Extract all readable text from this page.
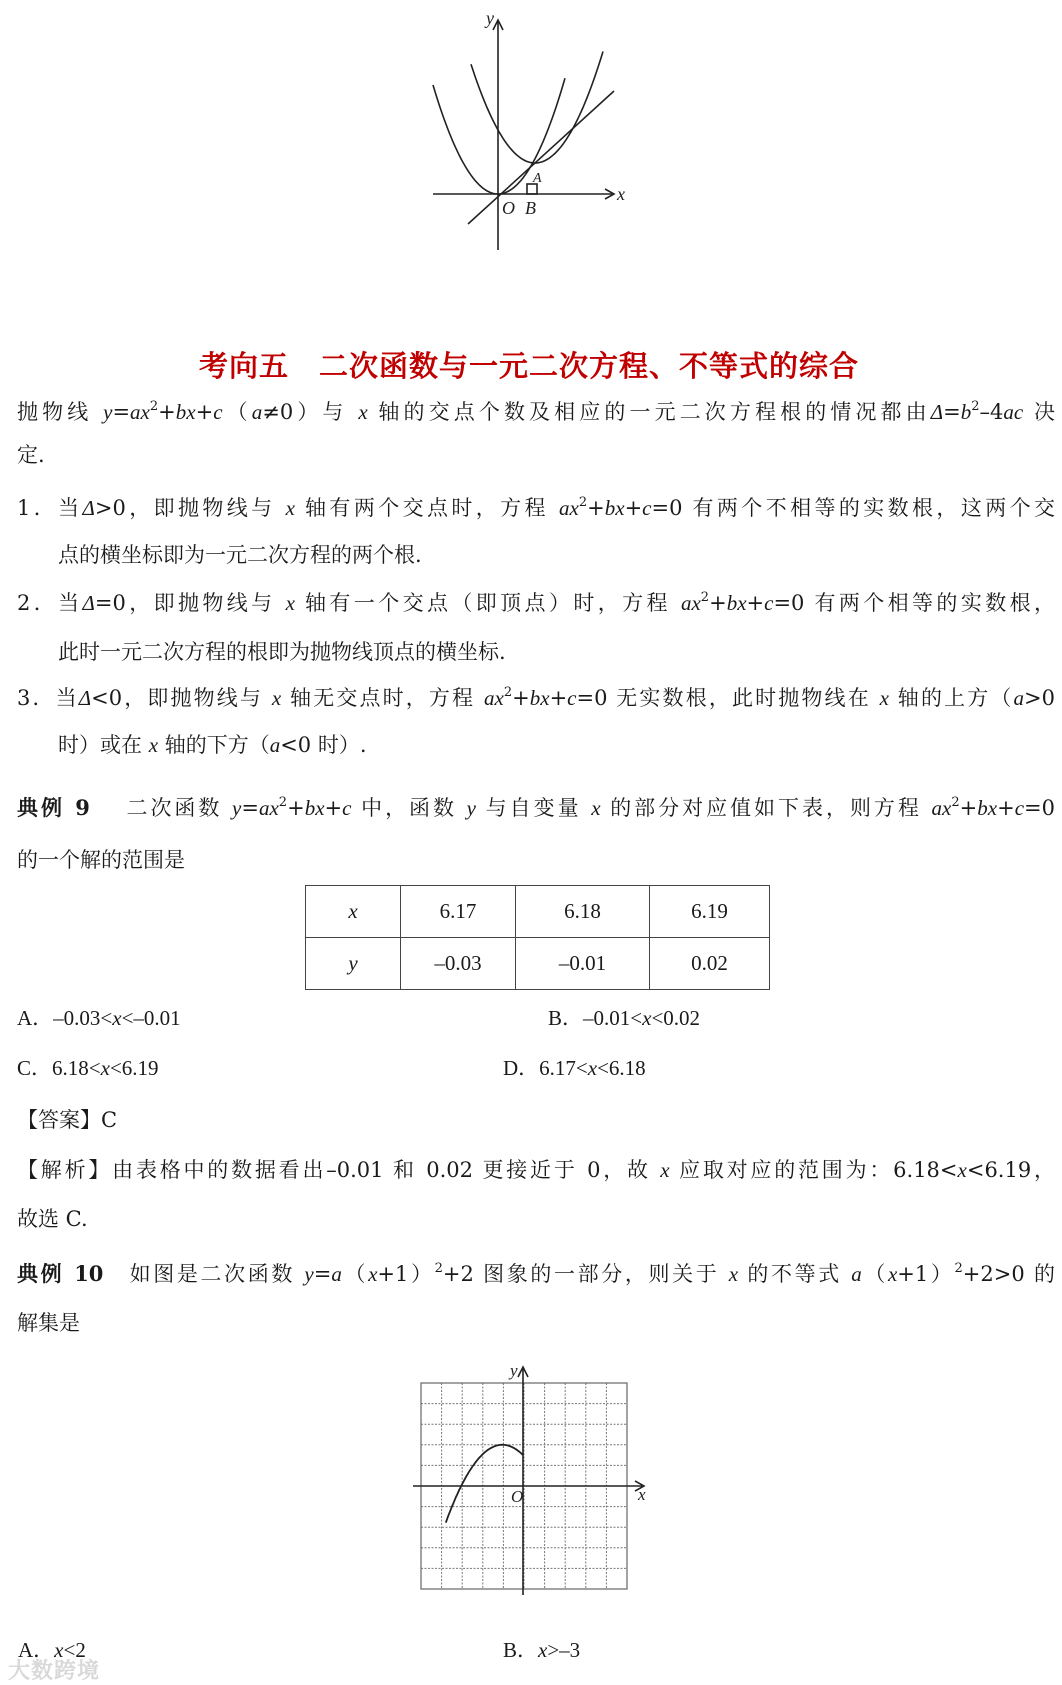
y
x
O B
A
考向五　二次函数与一元二次方程、不等式的综合
抛物线 $y=ax^2+bx+c(a\ne 0)$与 x 轴的交点个数及相应的一元二次方程根的情况都由$\Delta=b^2-4ac$ 决
定.
1．当Δ>0，即抛物线与 x 轴有两个交点时，方程 $ax^2+bx+c=0$ 有两个不相等的实数根，这两个交
点的横坐标即为一元二次方程的两个根.
2．当Δ=0，即抛物线与 x 轴有一个交点（即顶点）时，方程 $ax^2+bx+c=0$ 有两个相等的实数根，
此时一元二次方程的根即为抛物线顶点的横坐标.
3．当Δ<0，即抛物线与 x 轴无交点时，方程 $ax^2+bx+c=0$ 无实数根，此时抛物线在 x 轴的上方（a>0
时）或在 x 轴的下方（a<0 时）.
典例 9　 二次函数 $y=ax^2+bx+c$ 中，函数 y 与自变量 x 的部分对应值如下表，则方程 $ax^2+bx+c=0$
的一个解的范围是
x	6.17	6.18	6.19
y	–0.03	–0.01	0.02
A．–0.03<x<–0.01	B．–0.01<x<0.02
C．6.18<x<6.19	D．6.17<x<6.18
【答案】C
【解析】由表格中的数据看出–0.01 和 0.02 更接近于 0，故 x 应取对应的范围为：6.18<x<6.19，
故选 C.
典例 10　如图是二次函数 $y=a(x+1)^2+2$ 图象的一部分，则关于 x 的不等式 $a(x+1)^2+2>0$ 的
解集是
y
x
O
A．x<2	B．x>–3
大数跨境
